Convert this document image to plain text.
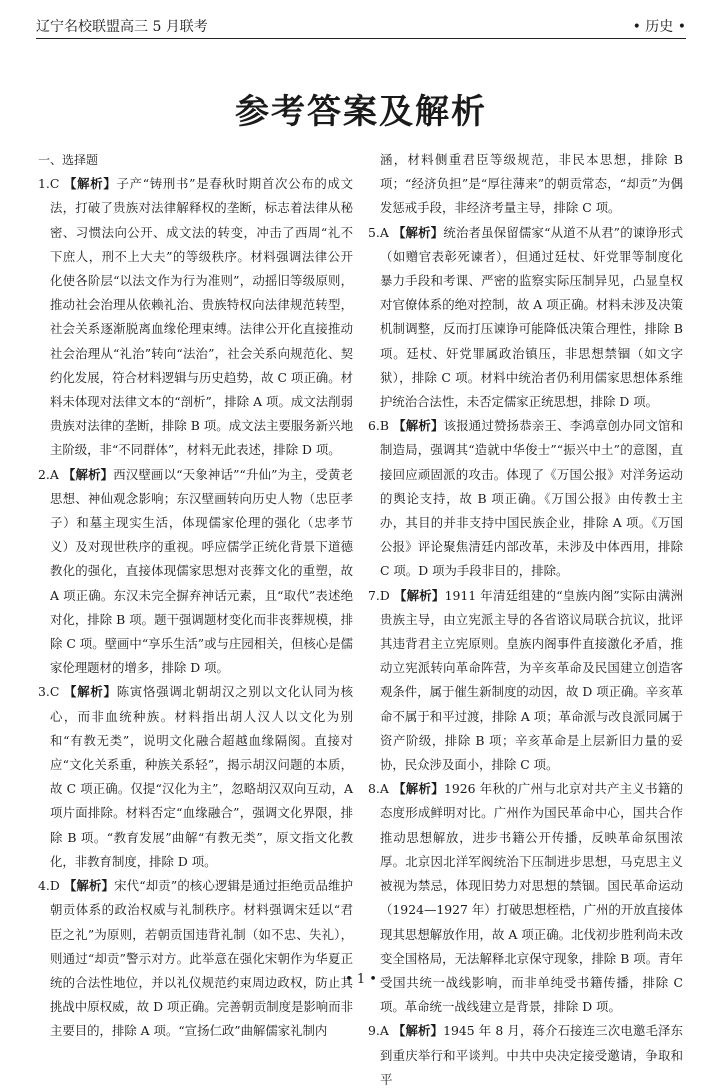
辽宁名校联盟高三 5 月联考	• 历史 •
参考答案及解析

一、选择题

1.C 【解析】子产“铸刑书”是春秋时期首次公布的成文法，打破了贵族对法律解释权的垄断，标志着法律从秘密、习惯法向公开、成文法的转变，冲击了西周“礼不下庶人，刑不上大夫”的等级秩序。材料强调法律公开化使各阶层“以法文作为行为准则”，动摇旧等级原则，推动社会治理从依赖礼治、贵族特权向法律规范转型，社会关系逐渐脱离血缘伦理束缚。法律公开化直接推动社会治理从“礼治”转向“法治”，社会关系向规范化、契约化发展，符合材料逻辑与历史趋势，故 C 项正确。材料未体现对法律文本的“剖析”，排除 A 项。成文法削弱贵族对法律的垄断，排除 B 项。成文法主要服务新兴地主阶级，非“不同群体”，材料无此表述，排除 D 项。

2.A 【解析】西汉壁画以“天象神话”“升仙”为主，受黄老思想、神仙观念影响；东汉壁画转向历史人物（忠臣孝子）和墓主现实生活，体现儒家伦理的强化（忠孝节义）及对现世秩序的重视。呼应儒学正统化背景下道德教化的强化，直接体现儒家思想对丧葬文化的重塑，故 A 项正确。东汉未完全摒弃神话元素，且“取代”表述绝对化，排除 B 项。题干强调题材变化而非丧葬规模，排除 C 项。壁画中“享乐生活”或与庄园相关，但核心是儒家伦理题材的增多，排除 D 项。

3.C 【解析】陈寅恪强调北朝胡汉之别以文化认同为核心，而非血统种族。材料指出胡人汉人以文化为别和“有教无类”，说明文化融合超越血缘隔阂。直接对应“文化关系重，种族关系轻”，揭示胡汉问题的本质，故 C 项正确。仅提“汉化为主”，忽略胡汉双向互动，A 项片面排除。材料否定“血缘融合”，强调文化界限，排除 B 项。“教育发展”曲解“有教无类”，原文指文化教化，非教育制度，排除 D 项。

4.D 【解析】宋代“却贡”的核心逻辑是通过拒绝贡品维护朝贡体系的政治权威与礼制秩序。材料强调宋廷以“君臣之礼”为原则，若朝贡国违背礼制（如不忠、失礼），则通过“却贡”警示对方。此举意在强化宋朝作为华夏正统的合法性地位，并以礼仪规范约束周边政权，防止其挑战中原权威，故 D 项正确。完善朝贡制度是影响而非主要目的，排除 A 项。“宣扬仁政”曲解儒家礼制内

涵，材料侧重君臣等级规范，非民本思想，排除 B 项；“经济负担”是“厚往薄来”的朝贡常态，“却贡”为偶发惩戒手段，非经济考量主导，排除 C 项。

5.A 【解析】统治者虽保留儒家“从道不从君”的谏诤形式（如赠官表彰死谏者），但通过廷杖、奸党罪等制度化暴力手段和考课、严密的监察实际压制异见，凸显皇权对官僚体系的绝对控制，故 A 项正确。材料未涉及决策机制调整，反而打压谏诤可能降低决策合理性，排除 B 项。廷杖、奸党罪属政治镇压，非思想禁锢（如文字狱），排除 C 项。材料中统治者仍利用儒家思想体系维护统治合法性，未否定儒家正统思想，排除 D 项。

6.B 【解析】该报通过赞扬恭亲王、李鸿章创办同文馆和制造局，强调其“造就中华俊士”“振兴中土”的意图，直接回应顽固派的攻击。体现了《万国公报》对洋务运动的舆论支持，故 B 项正确。《万国公报》由传教士主办，其目的并非支持中国民族企业，排除 A 项。《万国公报》评论聚焦清廷内部改革，未涉及中体西用，排除 C 项。D 项为手段非目的，排除。

7.D 【解析】1911 年清廷组建的“皇族内阁”实际由满洲贵族主导，由立宪派主导的各省谘议局联合抗议，批评其违背君主立宪原则。皇族内阁事件直接激化矛盾，推动立宪派转向革命阵营，为辛亥革命及民国建立创造客观条件，属于催生新制度的动因，故 D 项正确。辛亥革命不属于和平过渡，排除 A 项；革命派与改良派同属于资产阶级，排除 B 项；辛亥革命是上层新旧力量的妥协，民众涉及面小，排除 C 项。

8.A 【解析】1926 年秋的广州与北京对共产主义书籍的态度形成鲜明对比。广州作为国民革命中心，国共合作推动思想解放，进步书籍公开传播，反映革命氛围浓厚。北京因北洋军阀统治下压制进步思想，马克思主义被视为禁忌，体现旧势力对思想的禁锢。国民革命运动（1924—1927 年）打破思想桎梏，广州的开放直接体现其思想解放作用，故 A 项正确。北伐初步胜利尚未改变全国格局，无法解释北京保守现象，排除 B 项。青年受国共统一战线影响，而非单纯受书籍传播，排除 C 项。革命统一战线建立是背景，排除 D 项。

9.A 【解析】1945 年 8 月，蒋介石接连三次电邀毛泽东到重庆举行和平谈判。中共中央决定接受邀请，争取和平

• 1 •
